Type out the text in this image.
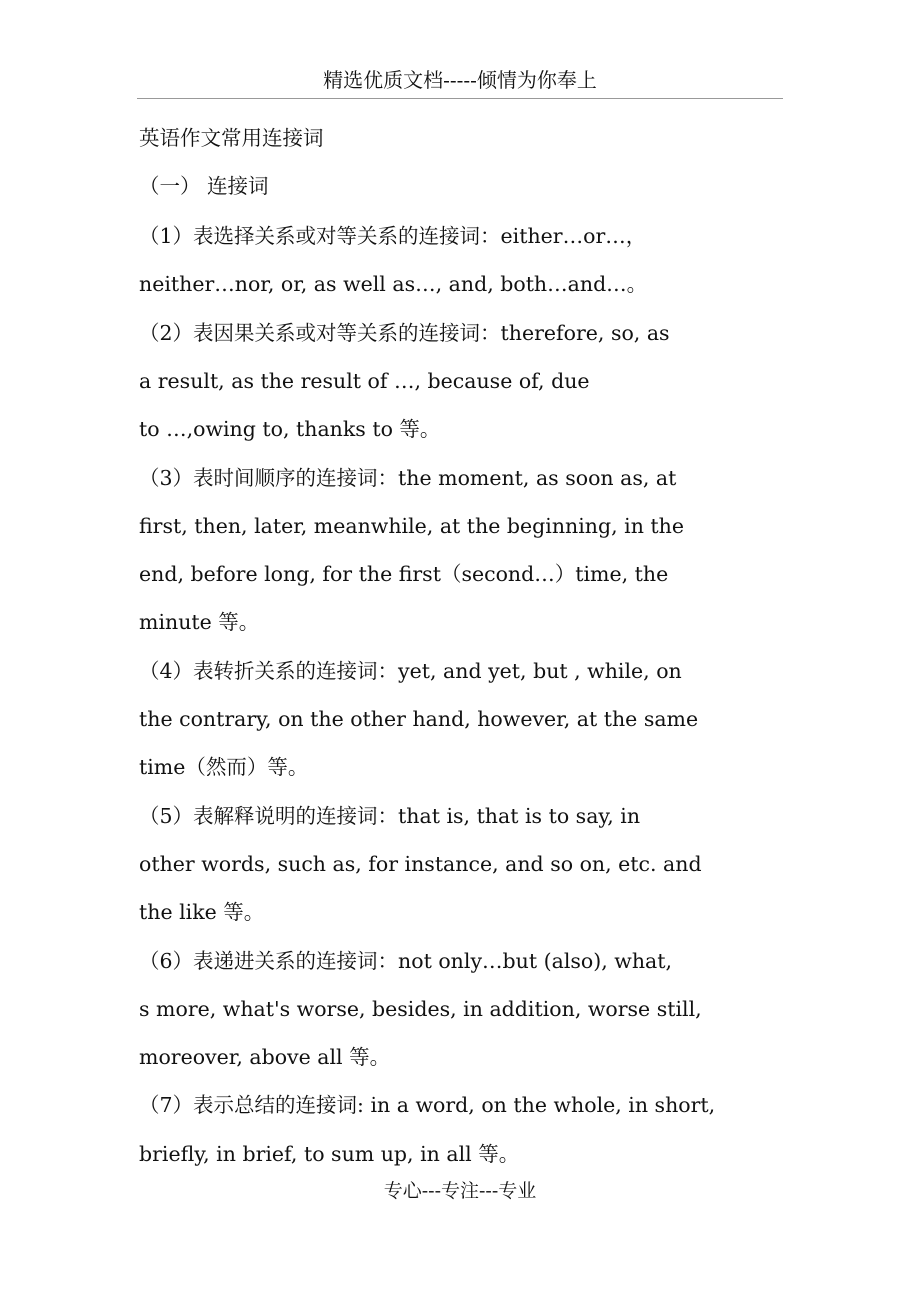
精选优质文档-----倾情为你奉上
英语作文常用连接词
（一） 连接词
（1）表选择关系或对等关系的连接词：either…or…，
neither…nor, or, as well as…, and, both…and…。
（2）表因果关系或对等关系的连接词：therefore, so, as
a result, as the result of …, because of, due
to …,owing to, thanks to 等。
（3）表时间顺序的连接词：the moment, as soon as, at
first, then, later, meanwhile, at the beginning, in the
end, before long, for the first（second…）time, the
minute 等。
（4）表转折关系的连接词：yet, and yet, but , while, on
the contrary, on the other hand, however, at the same
time（然而）等。
（5）表解释说明的连接词：that is, that is to say, in
other words, such as, for instance, and so on, etc. and
the like 等。
（6）表递进关系的连接词：not only…but (also), what,
s more, what's worse, besides, in addition, worse still,
moreover, above all 等。
（7）表示总结的连接词: in a word, on the whole, in short,
briefly, in brief, to sum up, in all 等。
专心---专注---专业
